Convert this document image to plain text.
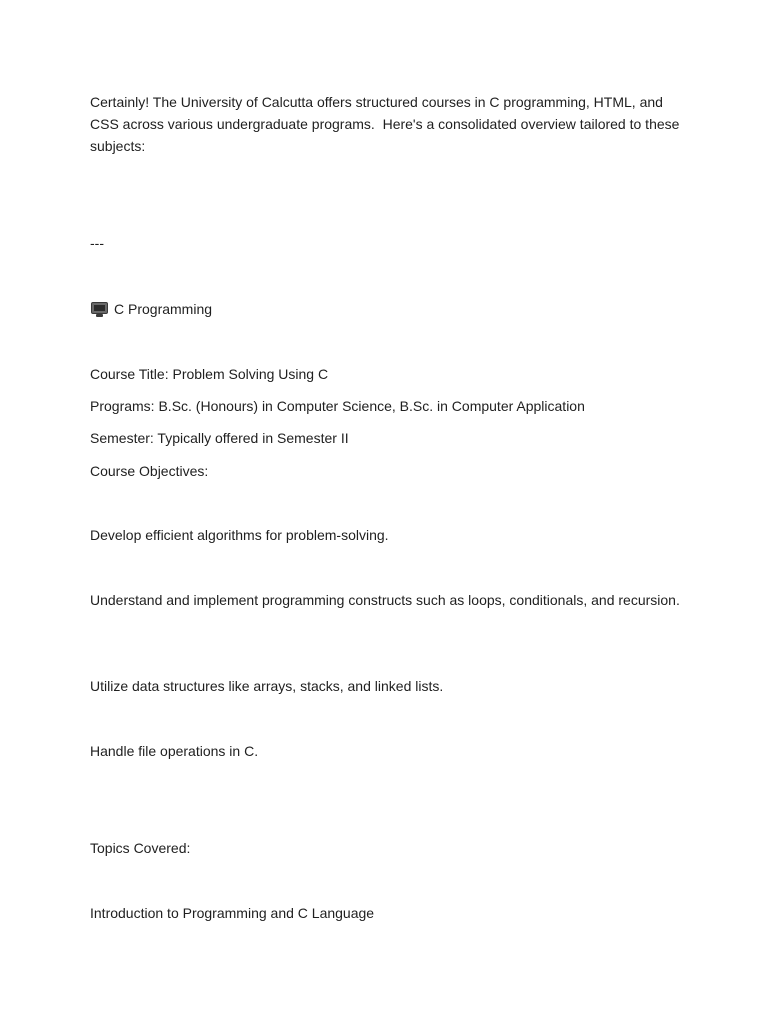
Certainly! The University of Calcutta offers structured courses in C programming, HTML, and CSS across various undergraduate programs.  Here's a consolidated overview tailored to these subjects:

---

C Programming

Course Title: Problem Solving Using C

Programs: B.Sc. (Honours) in Computer Science, B.Sc. in Computer Application

Semester: Typically offered in Semester II

Course Objectives:

Develop efficient algorithms for problem-solving.

Understand and implement programming constructs such as loops, conditionals, and recursion.

Utilize data structures like arrays, stacks, and linked lists.

Handle file operations in C.

Topics Covered:

Introduction to Programming and C Language
